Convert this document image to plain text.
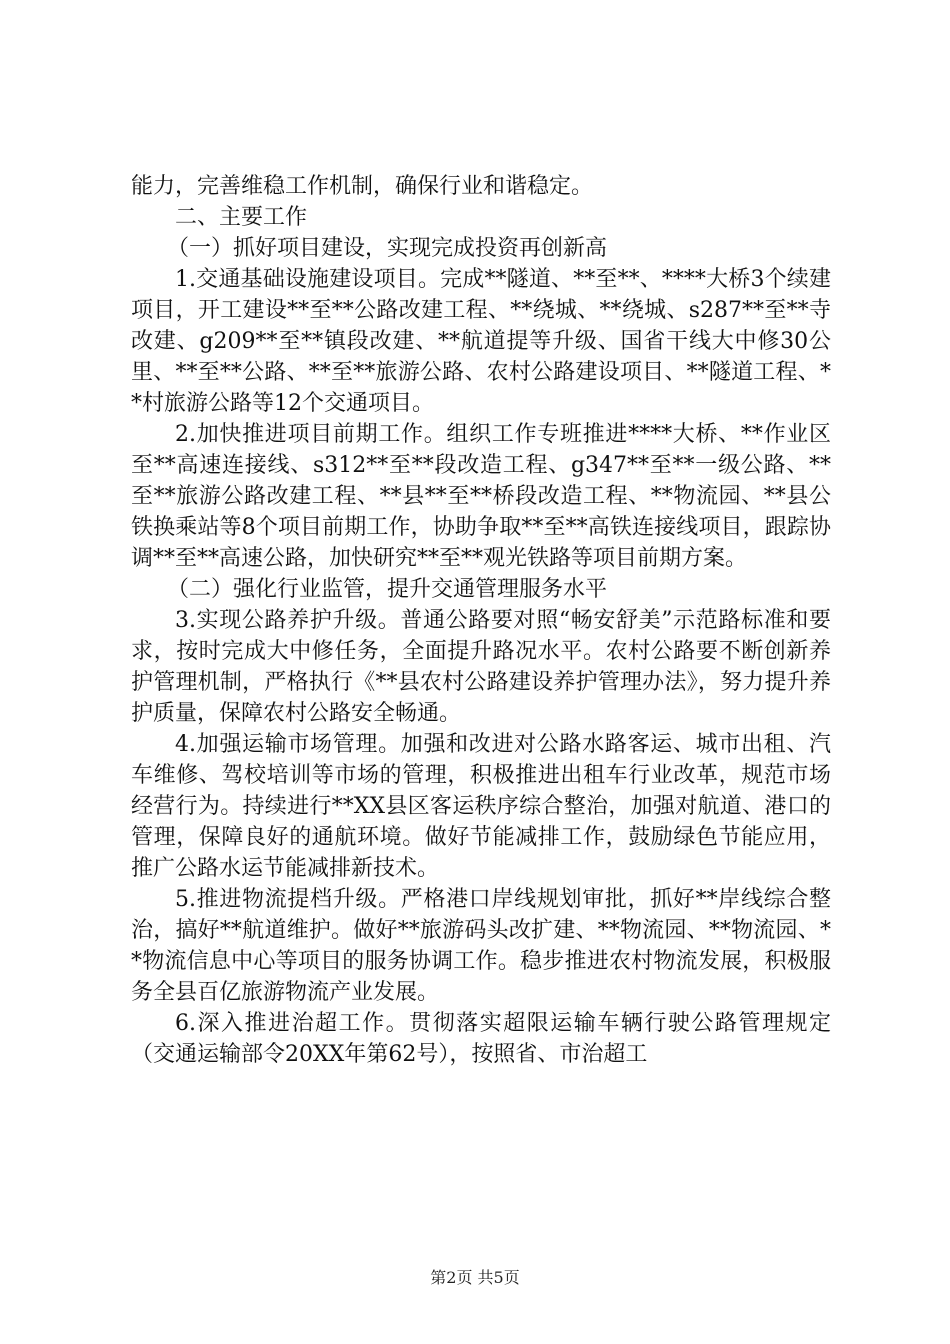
能力，完善维稳工作机制，确保行业和谐稳定。

二、主要工作

（一）抓好项目建设，实现完成投资再创新高

1.交通基础设施建设项目。完成**隧道、**至**、****大桥3个续建项目，开工建设**至**公路改建工程、**绕城、**绕城、s287**至**寺改建、g209**至**镇段改建、**航道提等升级、国省干线大中修30公里、**至**公路、**至**旅游公路、农村公路建设项目、**隧道工程、**村旅游公路等12个交通项目。

2.加快推进项目前期工作。组织工作专班推进****大桥、**作业区至**高速连接线、s312**至**段改造工程、g347**至**一级公路、**至**旅游公路改建工程、**县**至**桥段改造工程、**物流园、**县公铁换乘站等8个项目前期工作，协助争取**至**高铁连接线项目，跟踪协调**至**高速公路，加快研究**至**观光铁路等项目前期方案。

（二）强化行业监管，提升交通管理服务水平

3.实现公路养护升级。普通公路要对照“畅安舒美”示范路标准和要求，按时完成大中修任务，全面提升路况水平。农村公路要不断创新养护管理机制，严格执行《**县农村公路建设养护管理办法》，努力提升养护质量，保障农村公路安全畅通。

4.加强运输市场管理。加强和改进对公路水路客运、城市出租、汽车维修、驾校培训等市场的管理，积极推进出租车行业改革，规范市场经营行为。持续进行**XX县区客运秩序综合整治，加强对航道、港口的管理，保障良好的通航环境。做好节能减排工作，鼓励绿色节能应用，推广公路水运节能减排新技术。

5.推进物流提档升级。严格港口岸线规划审批，抓好**岸线综合整治，搞好**航道维护。做好**旅游码头改扩建、**物流园、**物流园、**物流信息中心等项目的服务协调工作。稳步推进农村物流发展，积极服务全县百亿旅游物流产业发展。

6.深入推进治超工作。贯彻落实超限运输车辆行驶公路管理规定（交通运输部令20XX年第62号），按照省、市治超工

第2页 共5页
